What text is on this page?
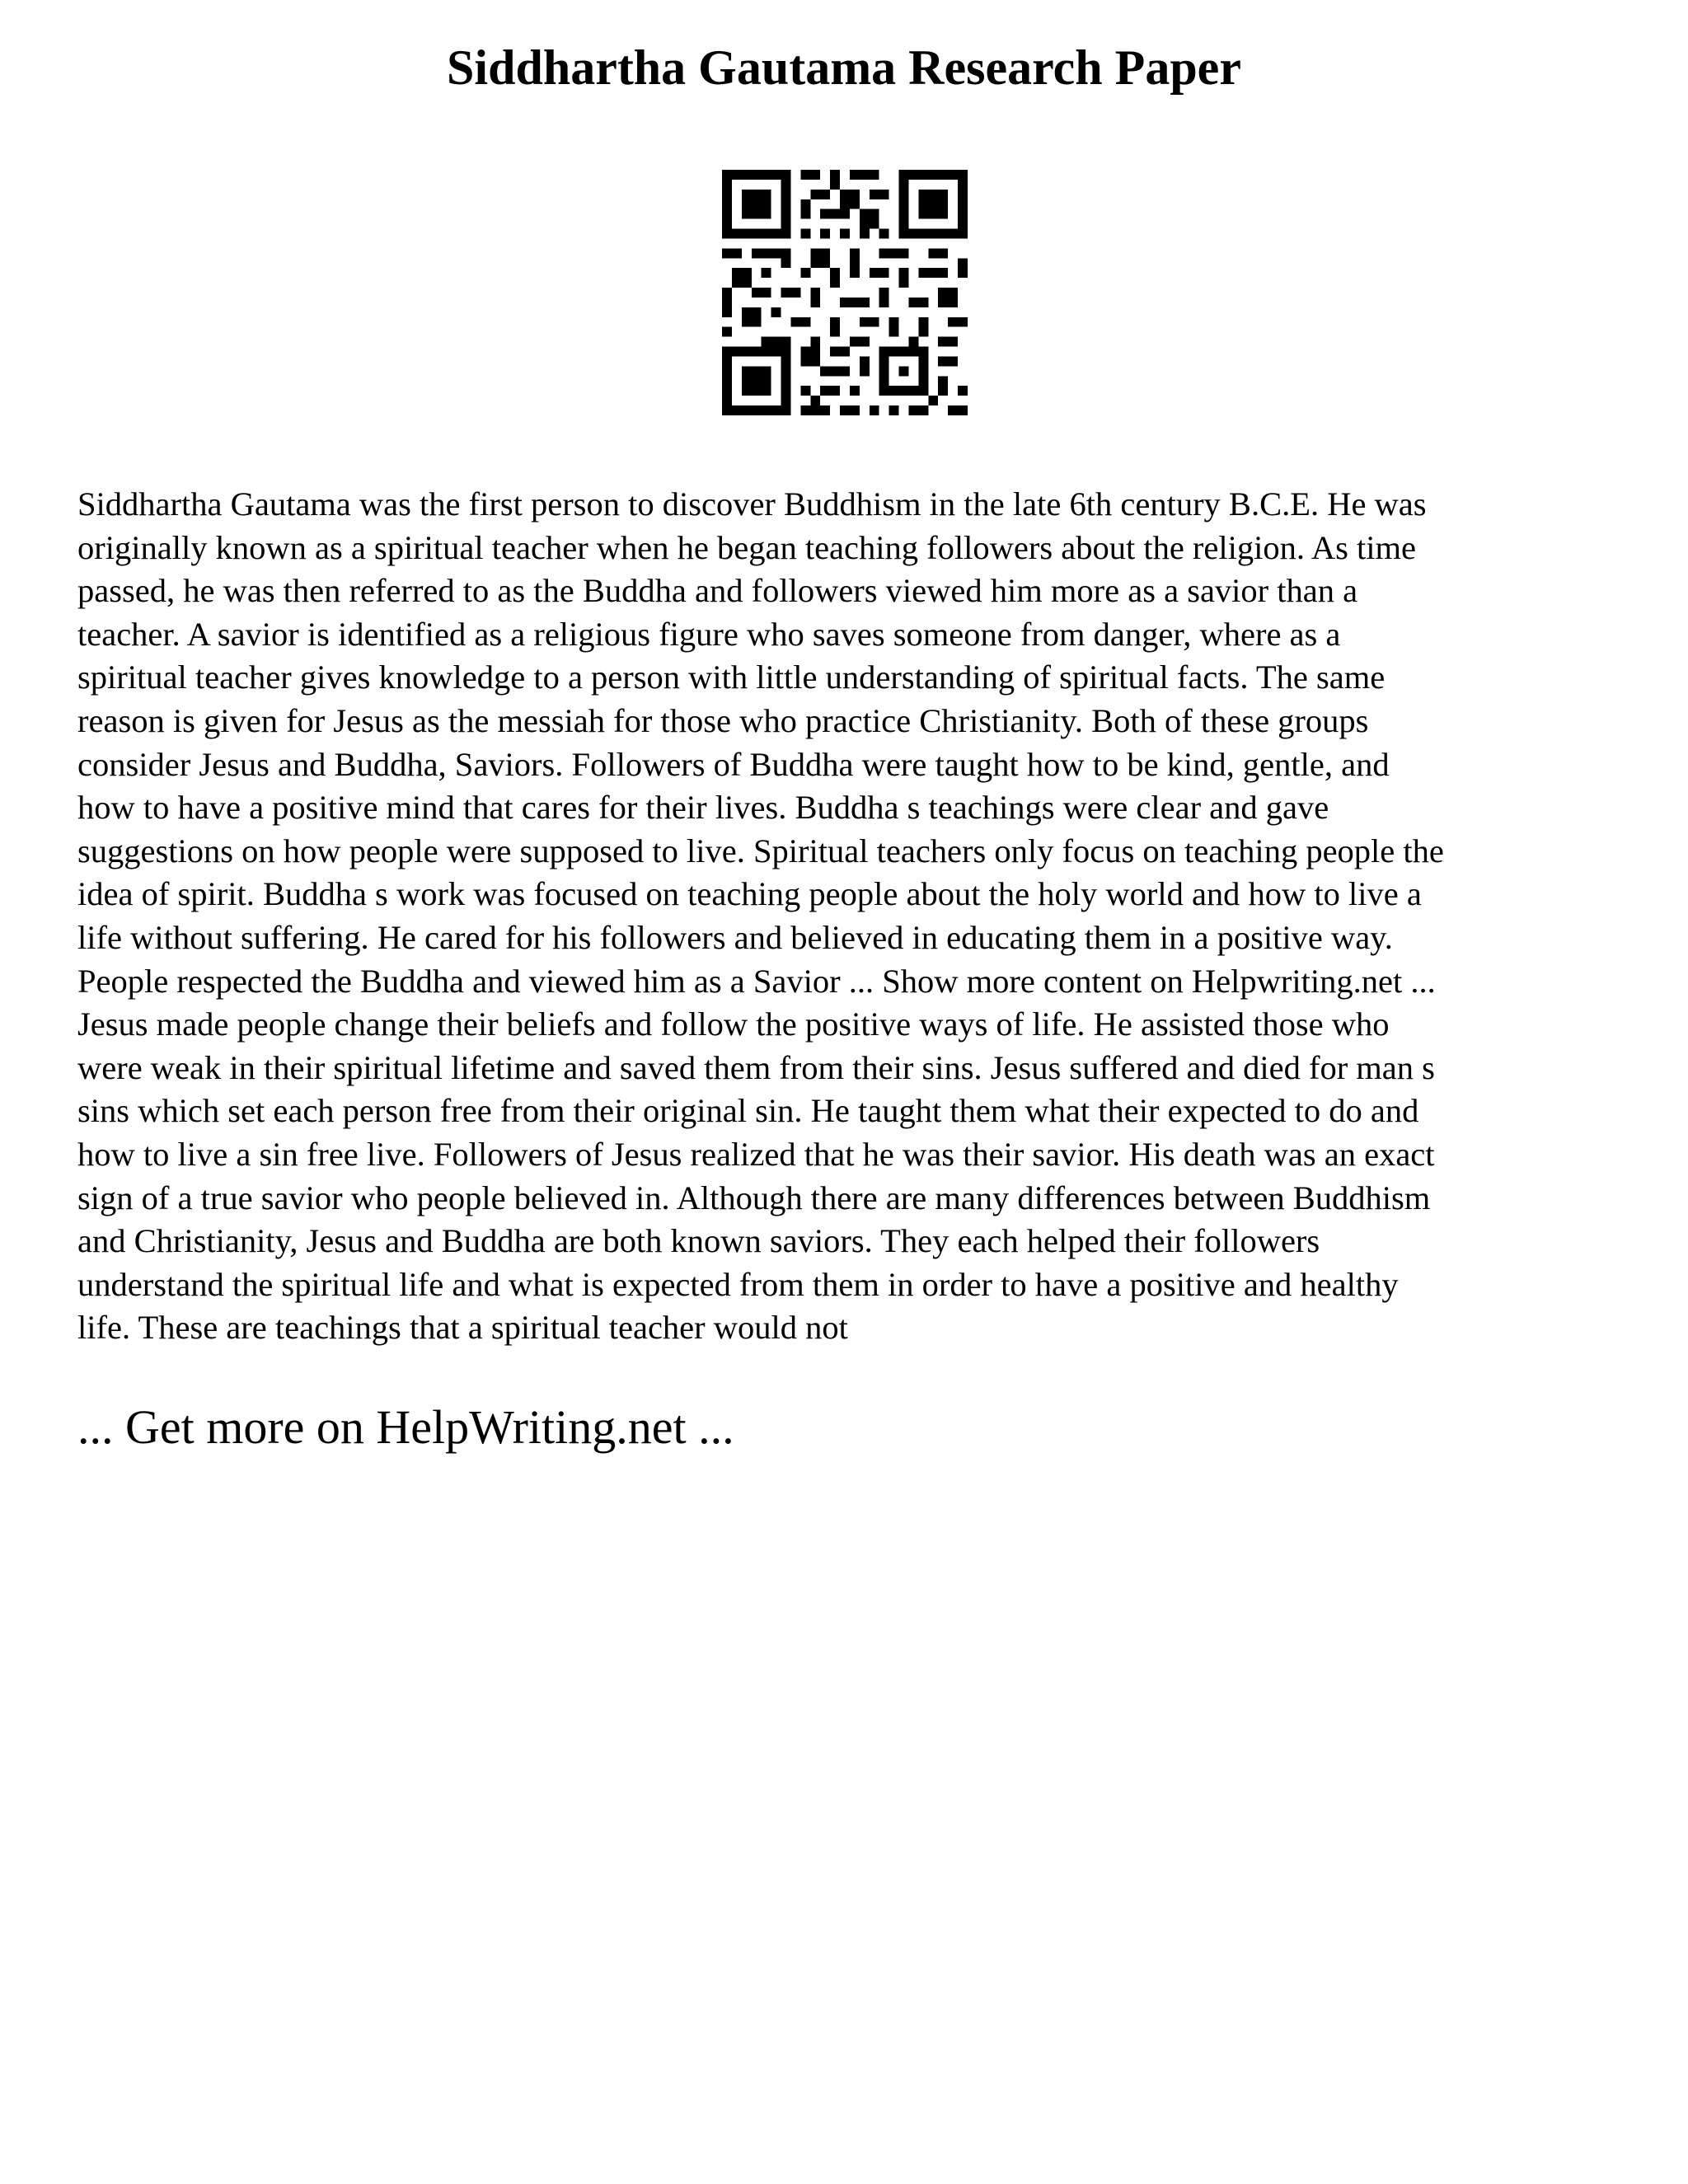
Siddhartha Gautama Research Paper
Siddhartha Gautama was the first person to discover Buddhism in the late 6th century B.C.E. He was
originally known as a spiritual teacher when he began teaching followers about the religion. As time
passed, he was then referred to as the Buddha and followers viewed him more as a savior than a
teacher. A savior is identified as a religious figure who saves someone from danger, where as a
spiritual teacher gives knowledge to a person with little understanding of spiritual facts. The same
reason is given for Jesus as the messiah for those who practice Christianity. Both of these groups
consider Jesus and Buddha, Saviors. Followers of Buddha were taught how to be kind, gentle, and
how to have a positive mind that cares for their lives. Buddha s teachings were clear and gave
suggestions on how people were supposed to live. Spiritual teachers only focus on teaching people the
idea of spirit. Buddha s work was focused on teaching people about the holy world and how to live a
life without suffering. He cared for his followers and believed in educating them in a positive way.
People respected the Buddha and viewed him as a Savior ... Show more content on Helpwriting.net ...
Jesus made people change their beliefs and follow the positive ways of life. He assisted those who
were weak in their spiritual lifetime and saved them from their sins. Jesus suffered and died for man s
sins which set each person free from their original sin. He taught them what their expected to do and
how to live a sin free live. Followers of Jesus realized that he was their savior. His death was an exact
sign of a true savior who people believed in. Although there are many differences between Buddhism
and Christianity, Jesus and Buddha are both known saviors. They each helped their followers
understand the spiritual life and what is expected from them in order to have a positive and healthy
life. These are teachings that a spiritual teacher would not

... Get more on HelpWriting.net ...
